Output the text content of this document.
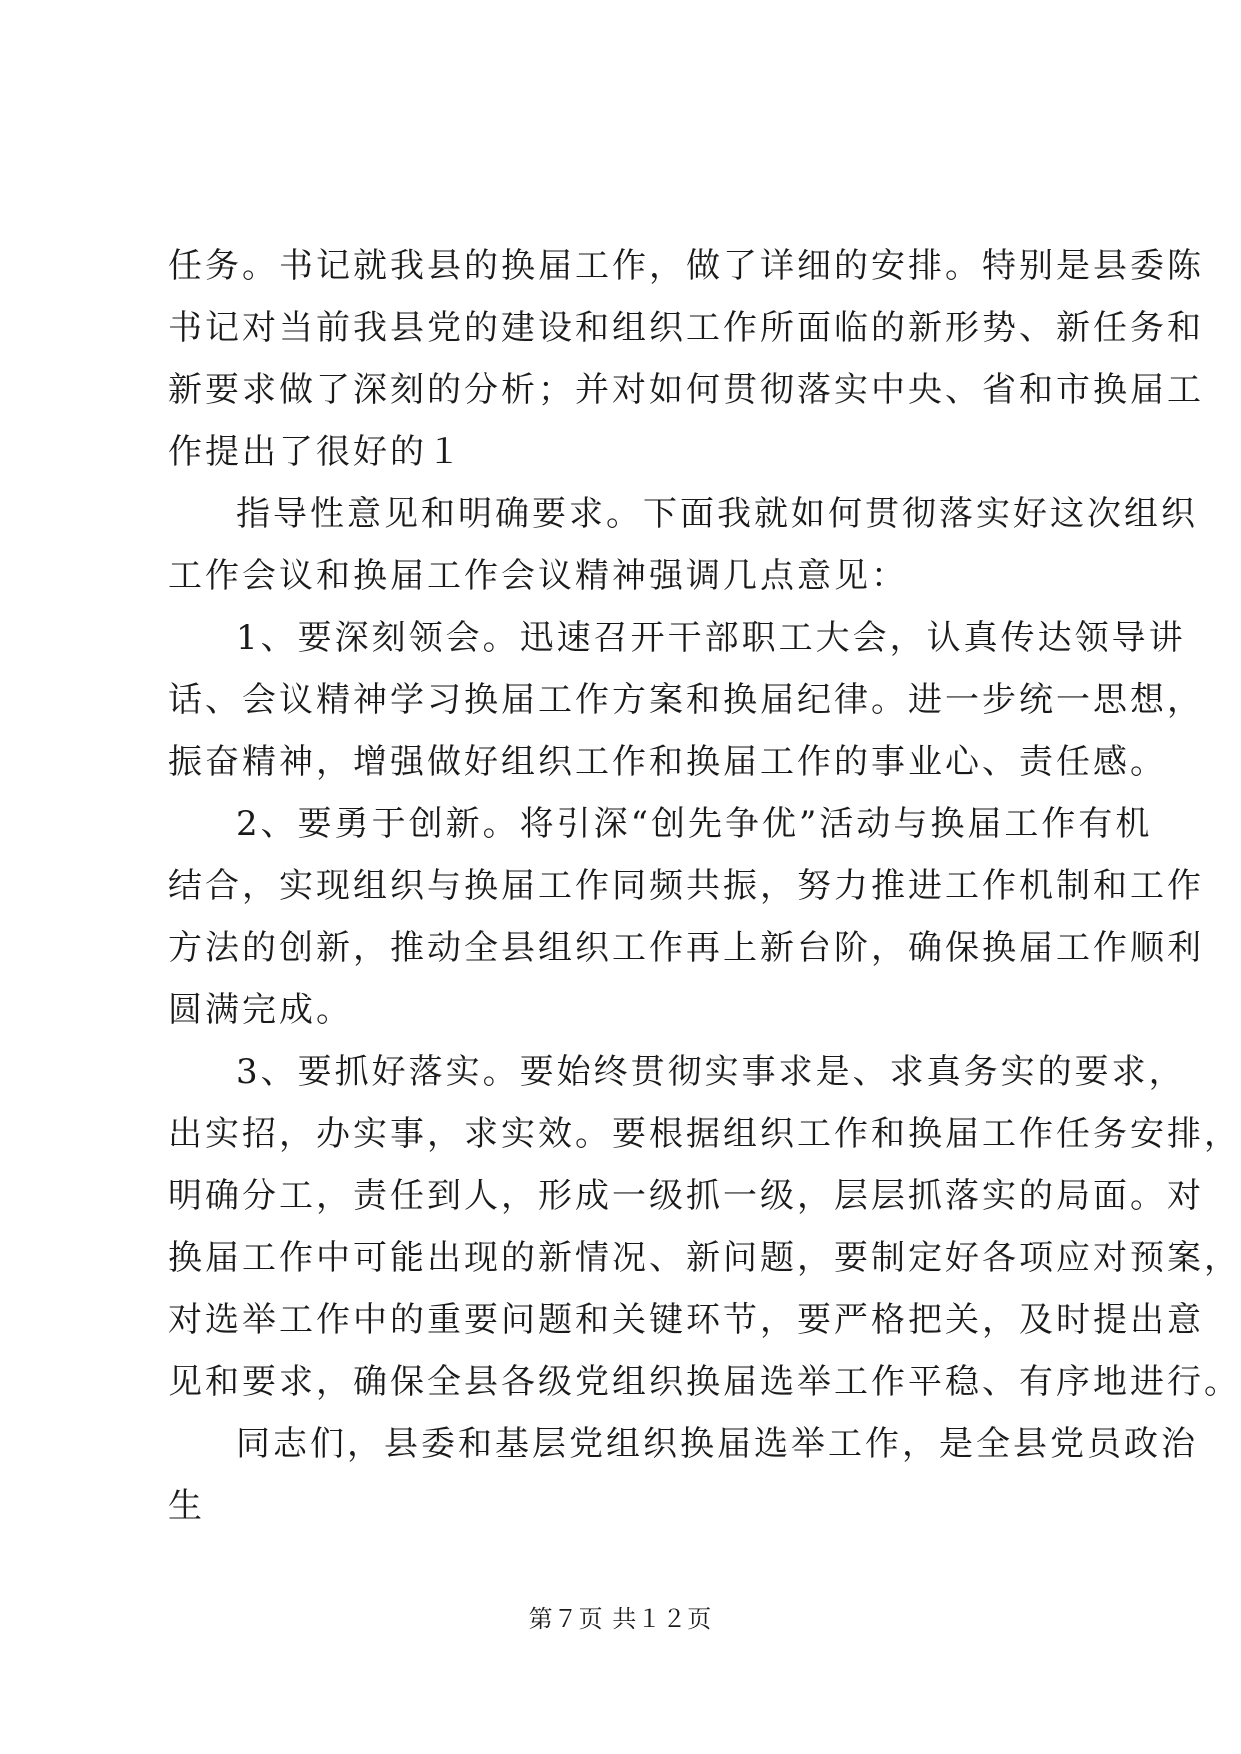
任务。书记就我县的换届工作，做了详细的安排。特别是县委陈
书记对当前我县党的建设和组织工作所面临的新形势、新任务和
新要求做了深刻的分析；并对如何贯彻落实中央、省和市换届工
作提出了很好的１

指导性意见和明确要求。下面我就如何贯彻落实好这次组织
工作会议和换届工作会议精神强调几点意见：

1、要深刻领会。迅速召开干部职工大会，认真传达领导讲
话、会议精神学习换届工作方案和换届纪律。进一步统一思想，
振奋精神，增强做好组织工作和换届工作的事业心、责任感。

2、要勇于创新。将引深“创先争优”活动与换届工作有机
结合，实现组织与换届工作同频共振，努力推进工作机制和工作
方法的创新，推动全县组织工作再上新台阶，确保换届工作顺利
圆满完成。

3、要抓好落实。要始终贯彻实事求是、求真务实的要求，
出实招，办实事，求实效。要根据组织工作和换届工作任务安排，
明确分工，责任到人，形成一级抓一级，层层抓落实的局面。对
换届工作中可能出现的新情况、新问题，要制定好各项应对预案，
对选举工作中的重要问题和关键环节，要严格把关，及时提出意
见和要求，确保全县各级党组织换届选举工作平稳、有序地进行。

同志们，县委和基层党组织换届选举工作，是全县党员政治
生

第７页 共１２页
